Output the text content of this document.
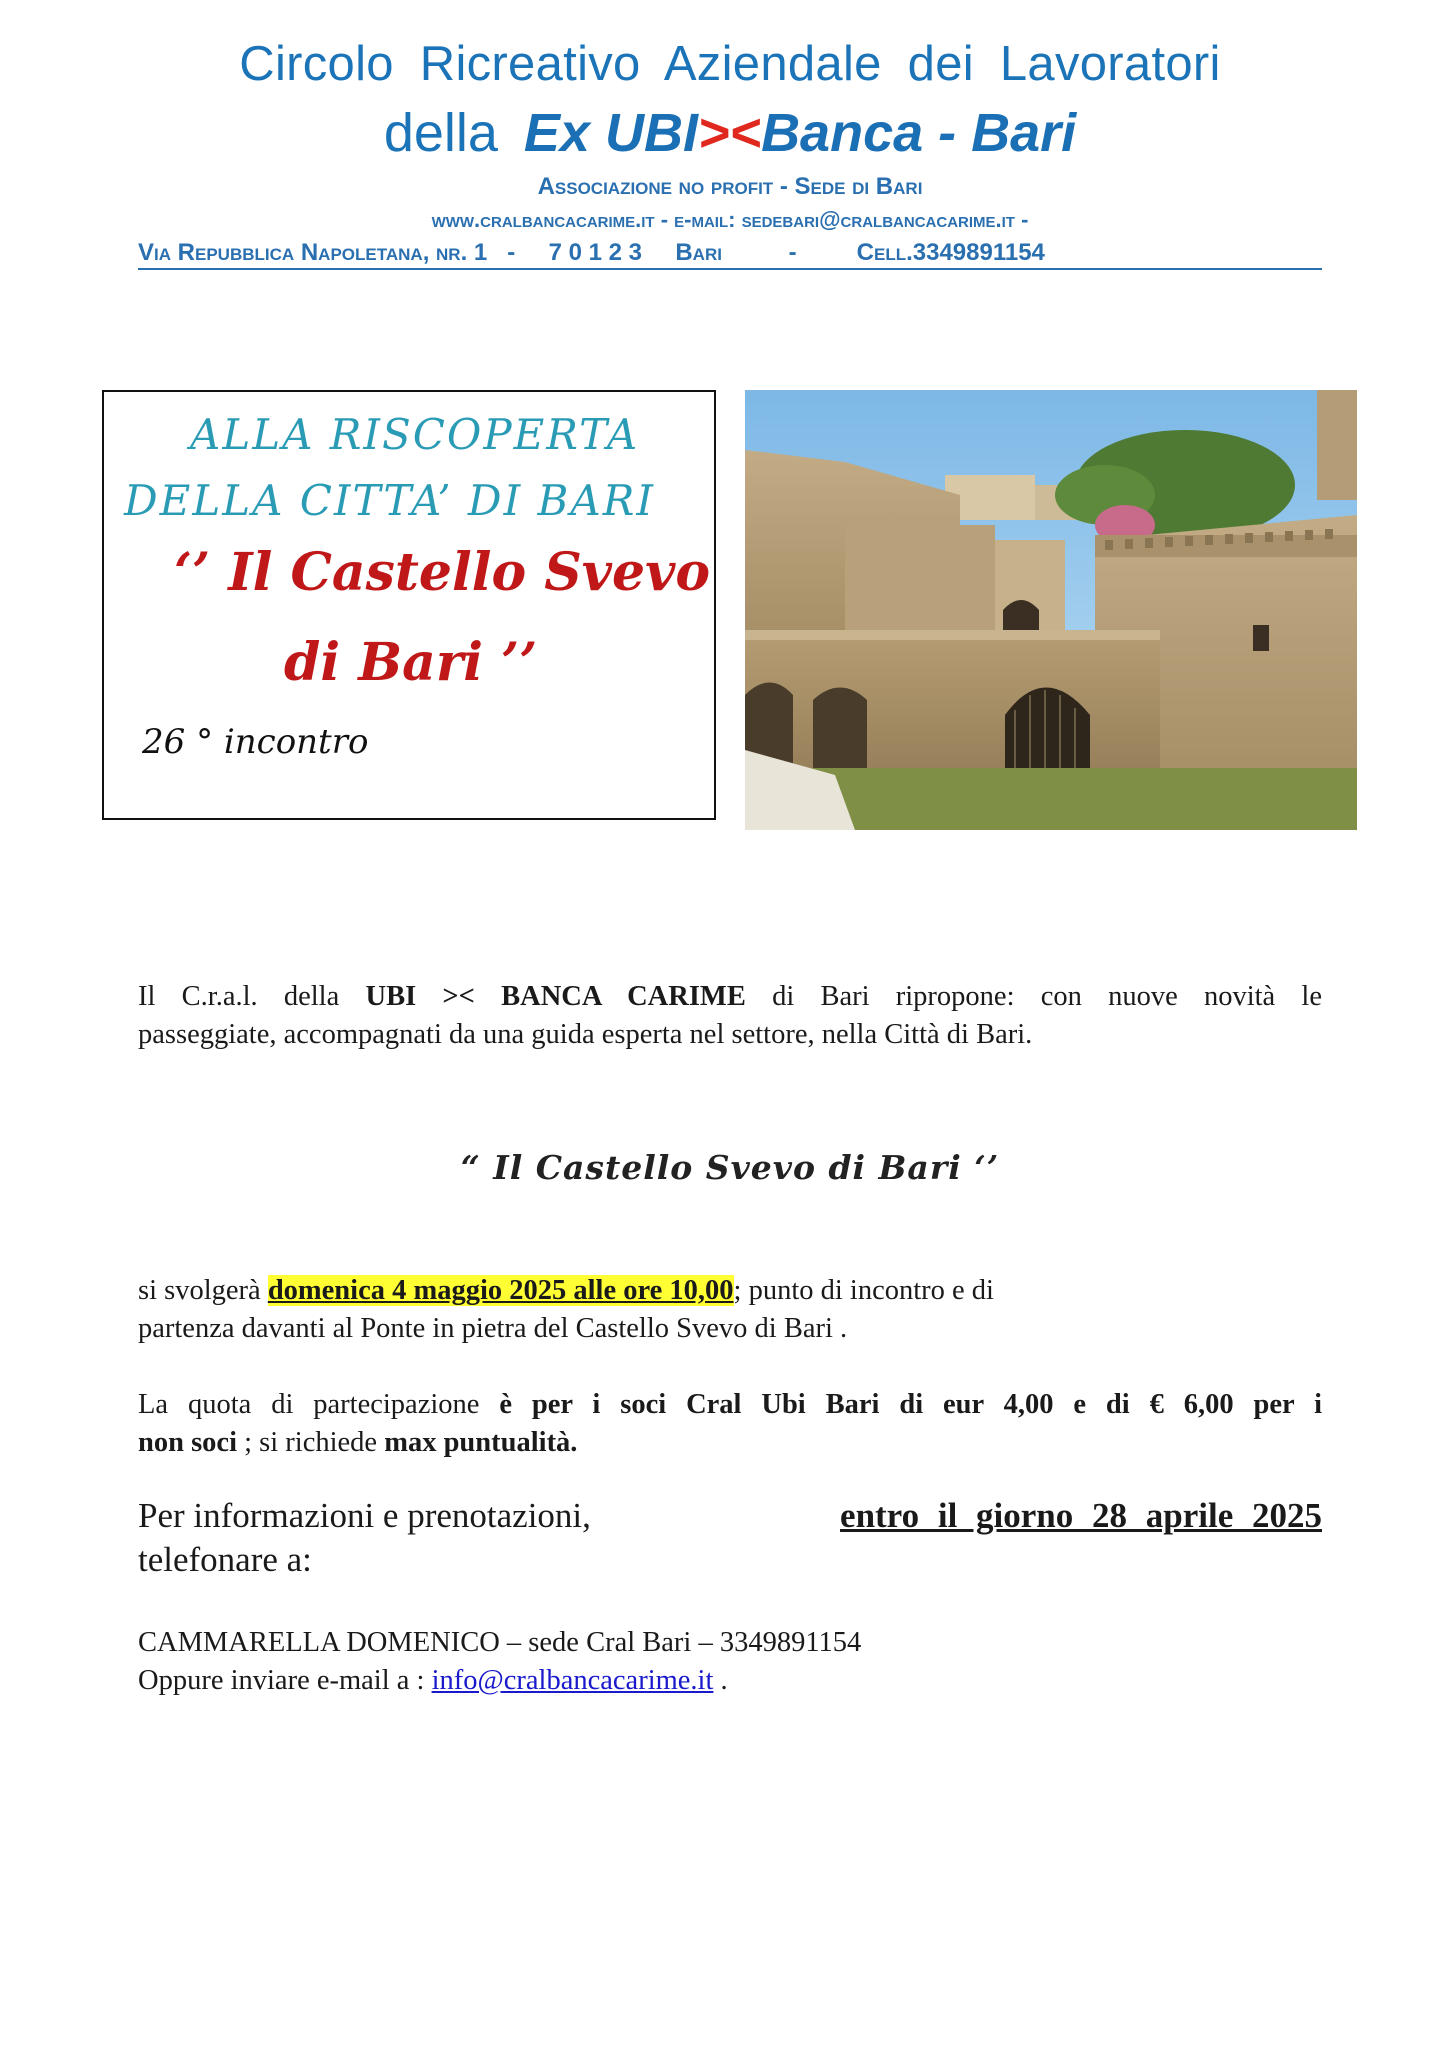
Circolo Ricreativo Aziendale dei Lavoratori
della Ex UBI><Banca - Bari
Associazione no profit - Sede di Bari
www.cralbancacarime.it - e-mail: sedebari@cralbancacarime.it -
Via Repubblica Napoletana, nr. 1   -     7 0 1 2 3     Bari          -         Cell.3349891154
ALLA RISCOPERTA
DELLA CITTA’ DI BARI
‘’ Il Castello Svevo
di Bari ’’
26 ° incontro
Il C.r.a.l. della UBI >< BANCA CARIME di Bari ripropone: con nuove novità le
passeggiate, accompagnati da una guida esperta nel settore, nella Città di Bari.
“ Il Castello Svevo di Bari ‘’
si svolgerà domenica 4 maggio 2025 alle ore 10,00; punto di incontro e di
partenza davanti al Ponte in pietra del Castello Svevo di Bari .
La quota di partecipazione è per i soci Cral Ubi Bari di eur 4,00 e di € 6,00 per i
non soci ; si richiede max puntualità.
Per informazioni e prenotazioni,	entro il giorno 28 aprile 2025
telefonare a:
CAMMARELLA DOMENICO – sede Cral Bari – 3349891154
Oppure inviare e-mail a : info@cralbancacarime.it .
